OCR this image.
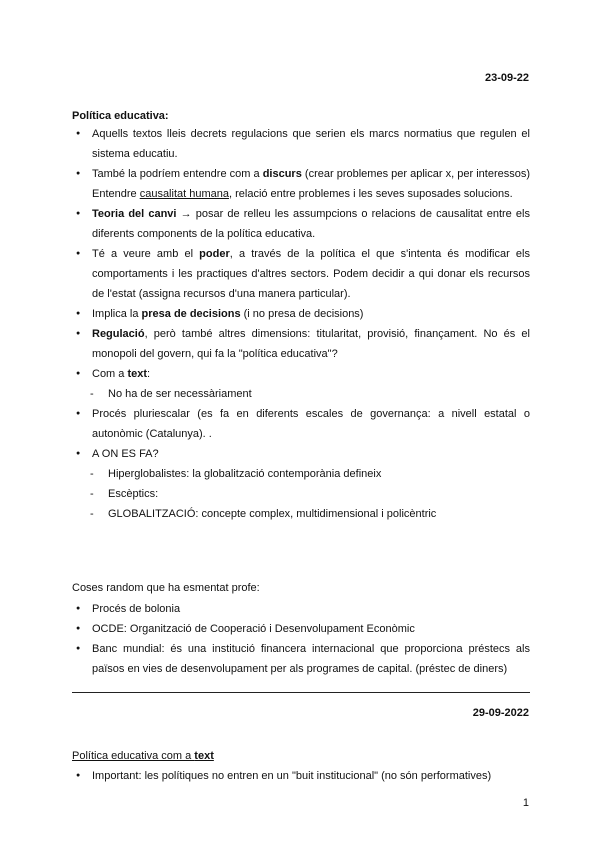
23-09-22
Política educativa:
● Aquells textos lleis decrets regulacions que serien els marcs normatius que regulen el sistema educatiu.
● També la podríem entendre com a discurs (crear problemes per aplicar x, per interessos) Entendre causalitat humana, relació entre problemes i les seves suposades solucions.
● Teoria del canvi → posar de relleu les assumpcions o relacions de causalitat entre els diferents components de la política educativa.
● Té a veure amb el poder, a través de la política el que s'intenta és modificar els comportaments i les practiques d'altres sectors. Podem decidir a qui donar els recursos de l'estat (assigna recursos d'una manera particular).
● Implica la presa de decisions (i no presa de decisions)
● Regulació, però també altres dimensions: titularitat, provisió, finançament. No és el monopoli del govern, qui fa la "política educativa"?
● Com a text:
- No ha de ser necessàriament
● Procés pluriescalar (es fa en diferents escales de governança: a nivell estatal o autonòmic (Catalunya). .
● A ON ES FA?
- Hiperglobalistes: la globalització contemporània defineix
- Escèptics:
- GLOBALITZACIÓ: concepte complex, multidimensional i policèntric
Coses random que ha esmentat profe:
● Procés de bolonia
● OCDE: Organització de Cooperació i Desenvolupament Econòmic
● Banc mundial: és una institució financera internacional que proporciona préstecs als països en vies de desenvolupament per als programes de capital. (préstec de diners)
29-09-2022
Política educativa com a text
● Important: les polítiques no entren en un "buit institucional" (no són performatives)
1
